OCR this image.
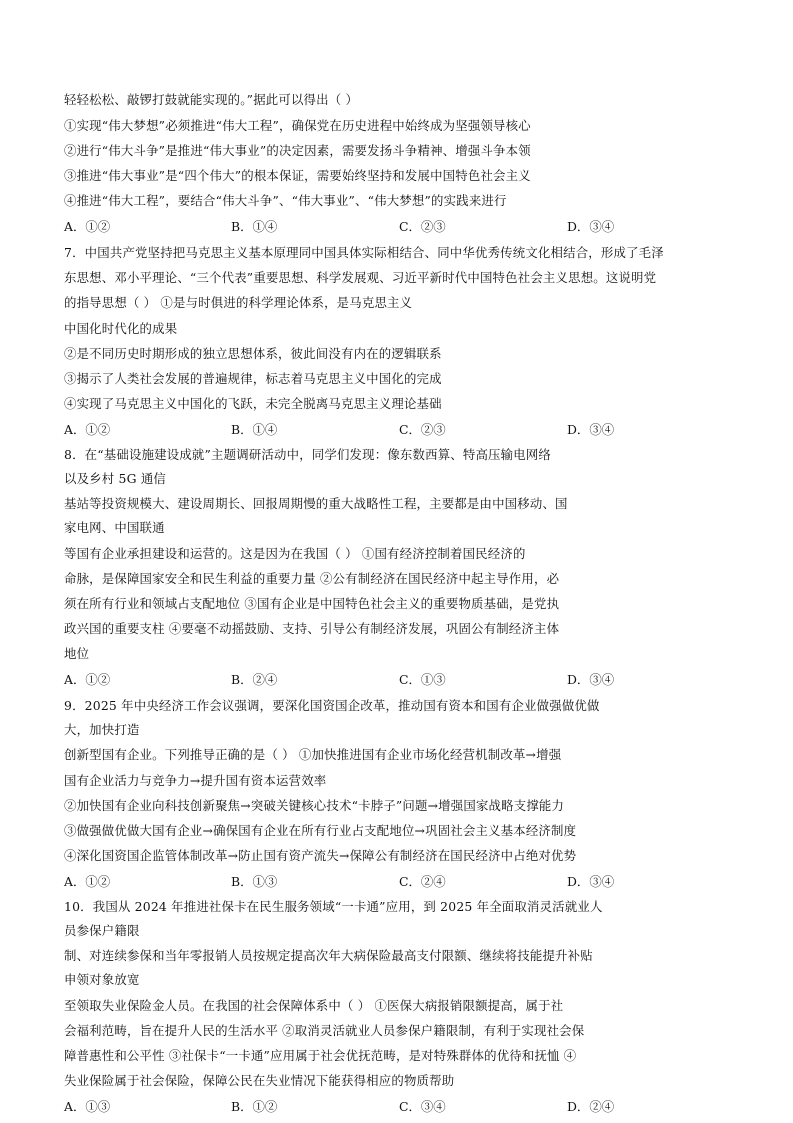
轻轻松松、敲锣打鼓就能实现的。”据此可以得出（ ）
①实现“伟大梦想”必须推进“伟大工程”，确保党在历史进程中始终成为坚强领导核心
②进行“伟大斗争”是推进“伟大事业”的决定因素，需要发扬斗争精神、增强斗争本领
③推进“伟大事业”是“四个伟大”的根本保证，需要始终坚持和发展中国特色社会主义
④推进“伟大工程”，要结合“伟大斗争”、“伟大事业”、“伟大梦想”的实践来进行
A．①②	B．①④	C．②③	D．③④
7．中国共产党坚持把马克思主义基本原理同中国具体实际相结合、同中华优秀传统文化相结合，形成了毛泽
东思想、邓小平理论、“三个代表”重要思想、科学发展观、习近平新时代中国特色社会主义思想。这说明党
的指导思想（ ） ①是与时俱进的科学理论体系，是马克思主义
中国化时代化的成果
②是不同历史时期形成的独立思想体系，彼此间没有内在的逻辑联系
③揭示了人类社会发展的普遍规律，标志着马克思主义中国化的完成
④实现了马克思主义中国化的飞跃，未完全脱离马克思主义理论基础
A．①②	B．①④	C．②③	D．③④
8．在“基础设施建设成就”主题调研活动中，同学们发现：像东数西算、特高压输电网络
以及乡村 5G 通信
基站等投资规模大、建设周期长、回报周期慢的重大战略性工程，主要都是由中国移动、国
家电网、中国联通
等国有企业承担建设和运营的。这是因为在我国（ ） ①国有经济控制着国民经济的
命脉，是保障国家安全和民生利益的重要力量 ②公有制经济在国民经济中起主导作用，必
须在所有行业和领域占支配地位 ③国有企业是中国特色社会主义的重要物质基础，是党执
政兴国的重要支柱 ④要毫不动摇鼓励、支持、引导公有制经济发展，巩固公有制经济主体
地位
A．①②	B．②④	C．①③	D．③④
9．2025 年中央经济工作会议强调，要深化国资国企改革，推动国有资本和国有企业做强做优做
大，加快打造
创新型国有企业。下列推导正确的是（ ） ①加快推进国有企业市场化经营机制改革→增强
国有企业活力与竞争力→提升国有资本运营效率
②加快国有企业向科技创新聚焦→突破关键核心技术“卡脖子”问题→增强国家战略支撑能力
③做强做优做大国有企业→确保国有企业在所有行业占支配地位→巩固社会主义基本经济制度
④深化国资国企监管体制改革→防止国有资产流失→保障公有制经济在国民经济中占绝对优势
A．①②	B．①③	C．②④	D．③④
10．我国从 2024 年推进社保卡在民生服务领域“一卡通”应用，到 2025 年全面取消灵活就业人
员参保户籍限
制、对连续参保和当年零报销人员按规定提高次年大病保险最高支付限额、继续将技能提升补贴
申领对象放宽
至领取失业保险金人员。在我国的社会保障体系中（ ） ①医保大病报销限额提高，属于社
会福利范畴，旨在提升人民的生活水平 ②取消灵活就业人员参保户籍限制，有利于实现社会保
障普惠性和公平性 ③社保卡“一卡通”应用属于社会优抚范畴，是对特殊群体的优待和抚恤 ④
失业保险属于社会保险，保障公民在失业情况下能获得相应的物质帮助
A．①③	B．①②	C．③④	D．②④
